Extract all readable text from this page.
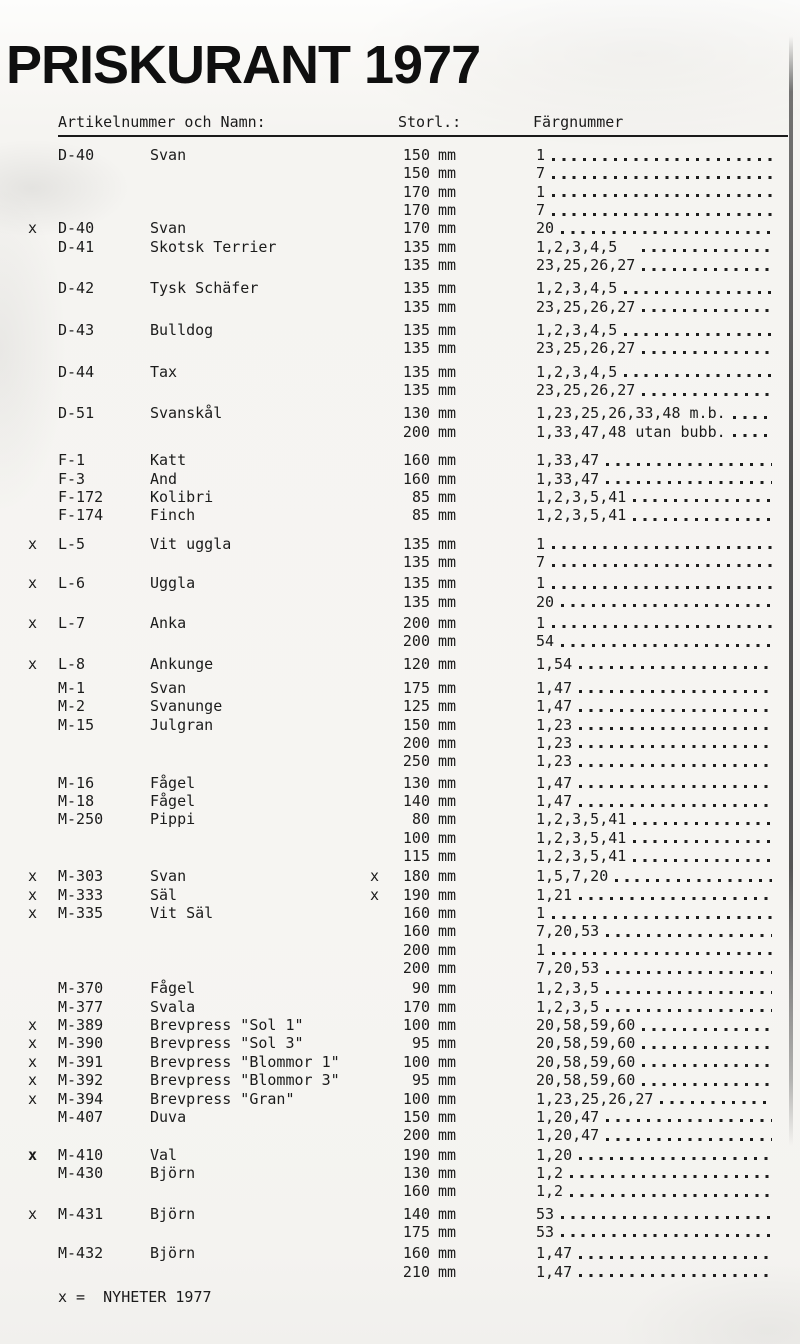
PRISKURANT 1977
Artikelnummer och Namn:	Storl.:	Färgnummer
D-40	Svan	150 mm	1
150 mm	7
170 mm	1
170 mm	7
x D-40	Svan	170 mm	20
D-41	Skotsk Terrier	135 mm	1,2,3,4,5
135 mm	23,25,26,27
D-42	Tysk Schäfer	135 mm	1,2,3,4,5
135 mm	23,25,26,27
D-43	Bulldog	135 mm	1,2,3,4,5
135 mm	23,25,26,27
D-44	Tax	135 mm	1,2,3,4,5
135 mm	23,25,26,27
D-51	Svanskål	130 mm	1,23,25,26,33,48 m.b.
200 mm	1,33,47,48 utan bubb.
F-1	Katt	160 mm	1,33,47
F-3	And	160 mm	1,33,47
F-172	Kolibri	85 mm	1,2,3,5,41
F-174	Finch	85 mm	1,2,3,5,41
x L-5	Vit uggla	135 mm	1
135 mm	7
x L-6	Uggla	135 mm	1
135 mm	20
x L-7	Anka	200 mm	1
200 mm	54
x L-8	Ankunge	120 mm	1,54
M-1	Svan	175 mm	1,47
M-2	Svanunge	125 mm	1,47
M-15	Julgran	150 mm	1,23
200 mm	1,23
250 mm	1,23
M-16	Fågel	130 mm	1,47
M-18	Fågel	140 mm	1,47
M-250	Pippi	80 mm	1,2,3,5,41
100 mm	1,2,3,5,41
115 mm	1,2,3,5,41
x M-303	Svan	x	180 mm	1,5,7,20
x M-333	Säl	x	190 mm	1,21
x M-335	Vit Säl	160 mm	1
160 mm	7,20,53
200 mm	1
200 mm	7,20,53
M-370	Fågel	90 mm	1,2,3,5
M-377	Svala	170 mm	1,2,3,5
x M-389	Brevpress "Sol 1"	100 mm	20,58,59,60
x M-390	Brevpress "Sol 3"	95 mm	20,58,59,60
x M-391	Brevpress "Blommor 1"	100 mm	20,58,59,60
x M-392	Brevpress "Blommor 3"	95 mm	20,58,59,60
x M-394	Brevpress "Gran"	100 mm	1,23,25,26,27
M-407	Duva	150 mm	1,20,47
200 mm	1,20,47
x M-410	Val	190 mm	1,20
M-430	Björn	130 mm	1,2
160 mm	1,2
x M-431	Björn	140 mm	53
175 mm	53
M-432	Björn	160 mm	1,47
210 mm	1,47
x =  NYHETER 1977
